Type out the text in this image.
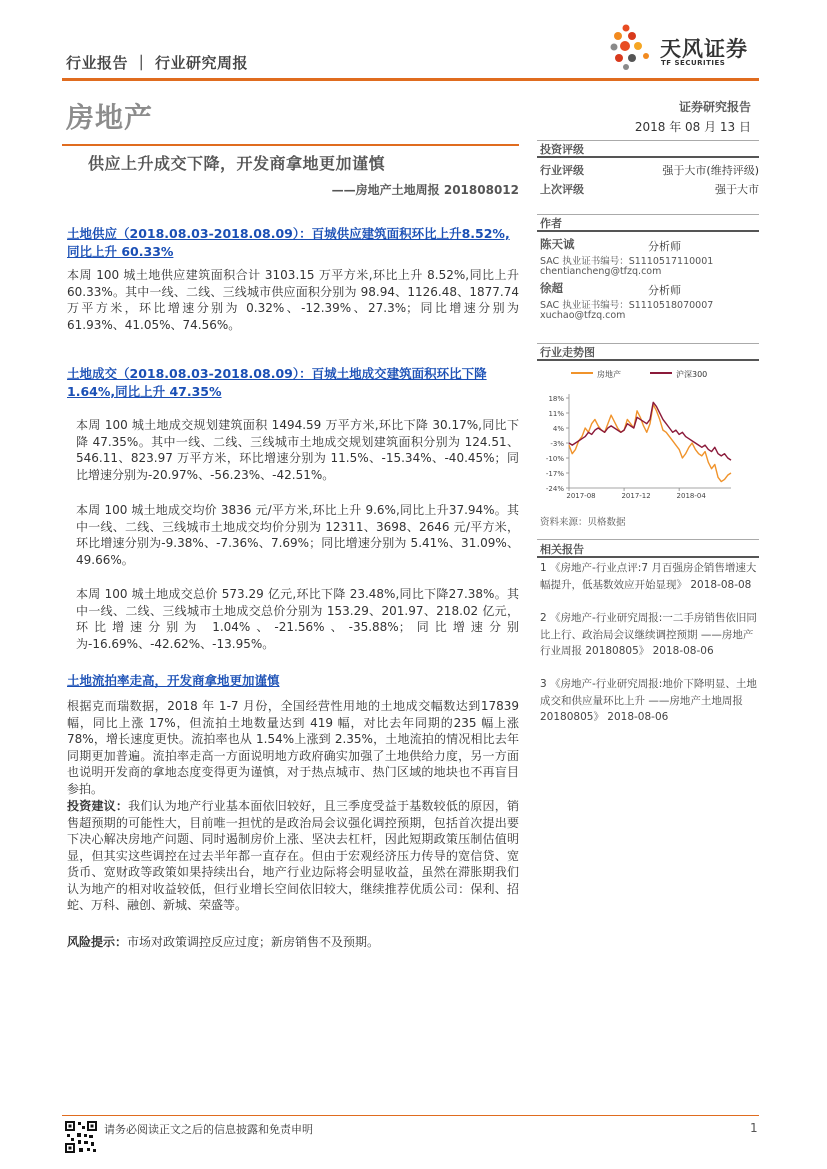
行业报告 ｜ 行业研究周报
天风证券
TF SECURITIES
房地产	证券研究报告
2018 年 08 月 13 日
供应上升成交下降，开发商拿地更加谨慎
——房地产土地周报 201808012
土地供应（2018.08.03-2018.08.09）：百城供应建筑面积环比上升8.52%,同比上升 60.33%
本周 100 城土地供应建筑面积合计 3103.15 万平方米,环比上升 8.52%,同比上升 60.33%。其中一线、二线、三线城市供应面积分别为 98.94、1126.48、1877.74 万平方米，环比增速分别为 0.32%、-12.39%、27.3%；同比增速分别为 61.93%、41.05%、74.56%。
土地成交（2018.08.03-2018.08.09）：百城土地成交建筑面积环比下降1.64%,同比上升 47.35%
本周 100 城土地成交规划建筑面积 1494.59 万平方米,环比下降 30.17%,同比下降 47.35%。其中一线、二线、三线城市土地成交规划建筑面积分别为 124.51、546.11、823.97 万平方米，环比增速分别为 11.5%、-15.34%、-40.45%；同比增速分别为-20.97%、-56.23%、-42.51%。
本周 100 城土地成交均价 3836 元/平方米,环比上升 9.6%,同比上升37.94%。其中一线、二线、三线城市土地成交均价分别为 12311、3698、2646 元/平方米，环比增速分别为-9.38%、-7.36%、7.69%；同比增速分别为 5.41%、31.09%、49.66%。
本周 100 城土地成交总价 573.29 亿元,环比下降 23.48%,同比下降27.38%。其中一线、二线、三线城市土地成交总价分别为 153.29、201.97、218.02 亿元，环比增速分别为 1.04%、-21.56%、-35.88%；同比增速分别为-16.69%、-42.62%、-13.95%。
土地流拍率走高，开发商拿地更加谨慎
根据克而瑞数据，2018 年 1-7 月份，全国经营性用地的土地成交幅数达到17839 幅，同比上涨 17%，但流拍土地数量达到 419 幅，对比去年同期的235 幅上涨 78%，增长速度更快。流拍率也从 1.54%上涨到 2.35%，土地流拍的情况相比去年同期更加普遍。流拍率走高一方面说明地方政府确实加强了土地供给力度，另一方面也说明开发商的拿地态度变得更为谨慎，对于热点城市、热门区域的地块也不再盲目参拍。
投资建议：我们认为地产行业基本面依旧较好，且三季度受益于基数较低的原因，销售超预期的可能性大，目前唯一担忧的是政治局会议强化调控预期，包括首次提出要下决心解决房地产问题、同时遏制房价上涨、坚决去杠杆，因此短期政策压制估值明显，但其实这些调控在过去半年都一直存在。但由于宏观经济压力传导的宽信贷、宽货币、宽财政等政策如果持续出台，地产行业边际将会明显收益，虽然在滞胀期我们认为地产的相对收益较低，但行业增长空间依旧较大，继续推荐优质公司：保利、招蛇、万科、融创、新城、荣盛等。
风险提示：市场对政策调控反应过度；新房销售不及预期。
投资评级
行业评级	强于大市(维持评级)
上次评级	强于大市
作者
陈天诚	分析师
SAC 执业证书编号：S1110517110001
chentiancheng@tfzq.com
徐超	分析师
SAC 执业证书编号：S1110518070007
xuchao@tfzq.com
行业走势图
房地产	沪深300
18%
11%
4%
-3%
-10%
-17%
-24%
2017-08	2017-12	2018-04
资料来源：贝格数据
相关报告
1 《房地产-行业点评:7 月百强房企销售增速大幅提升，低基数效应开始显现》 2018-08-08
2 《房地产-行业研究周报:一二手房销售依旧同比上行、政治局会议继续调控预期 ——房地产行业周报 20180805》 2018-08-06
3 《房地产-行业研究周报:地价下降明显、土地成交和供应量环比上升 ——房地产土地周报 20180805》 2018-08-06
请务必阅读正文之后的信息披露和免责申明	1
